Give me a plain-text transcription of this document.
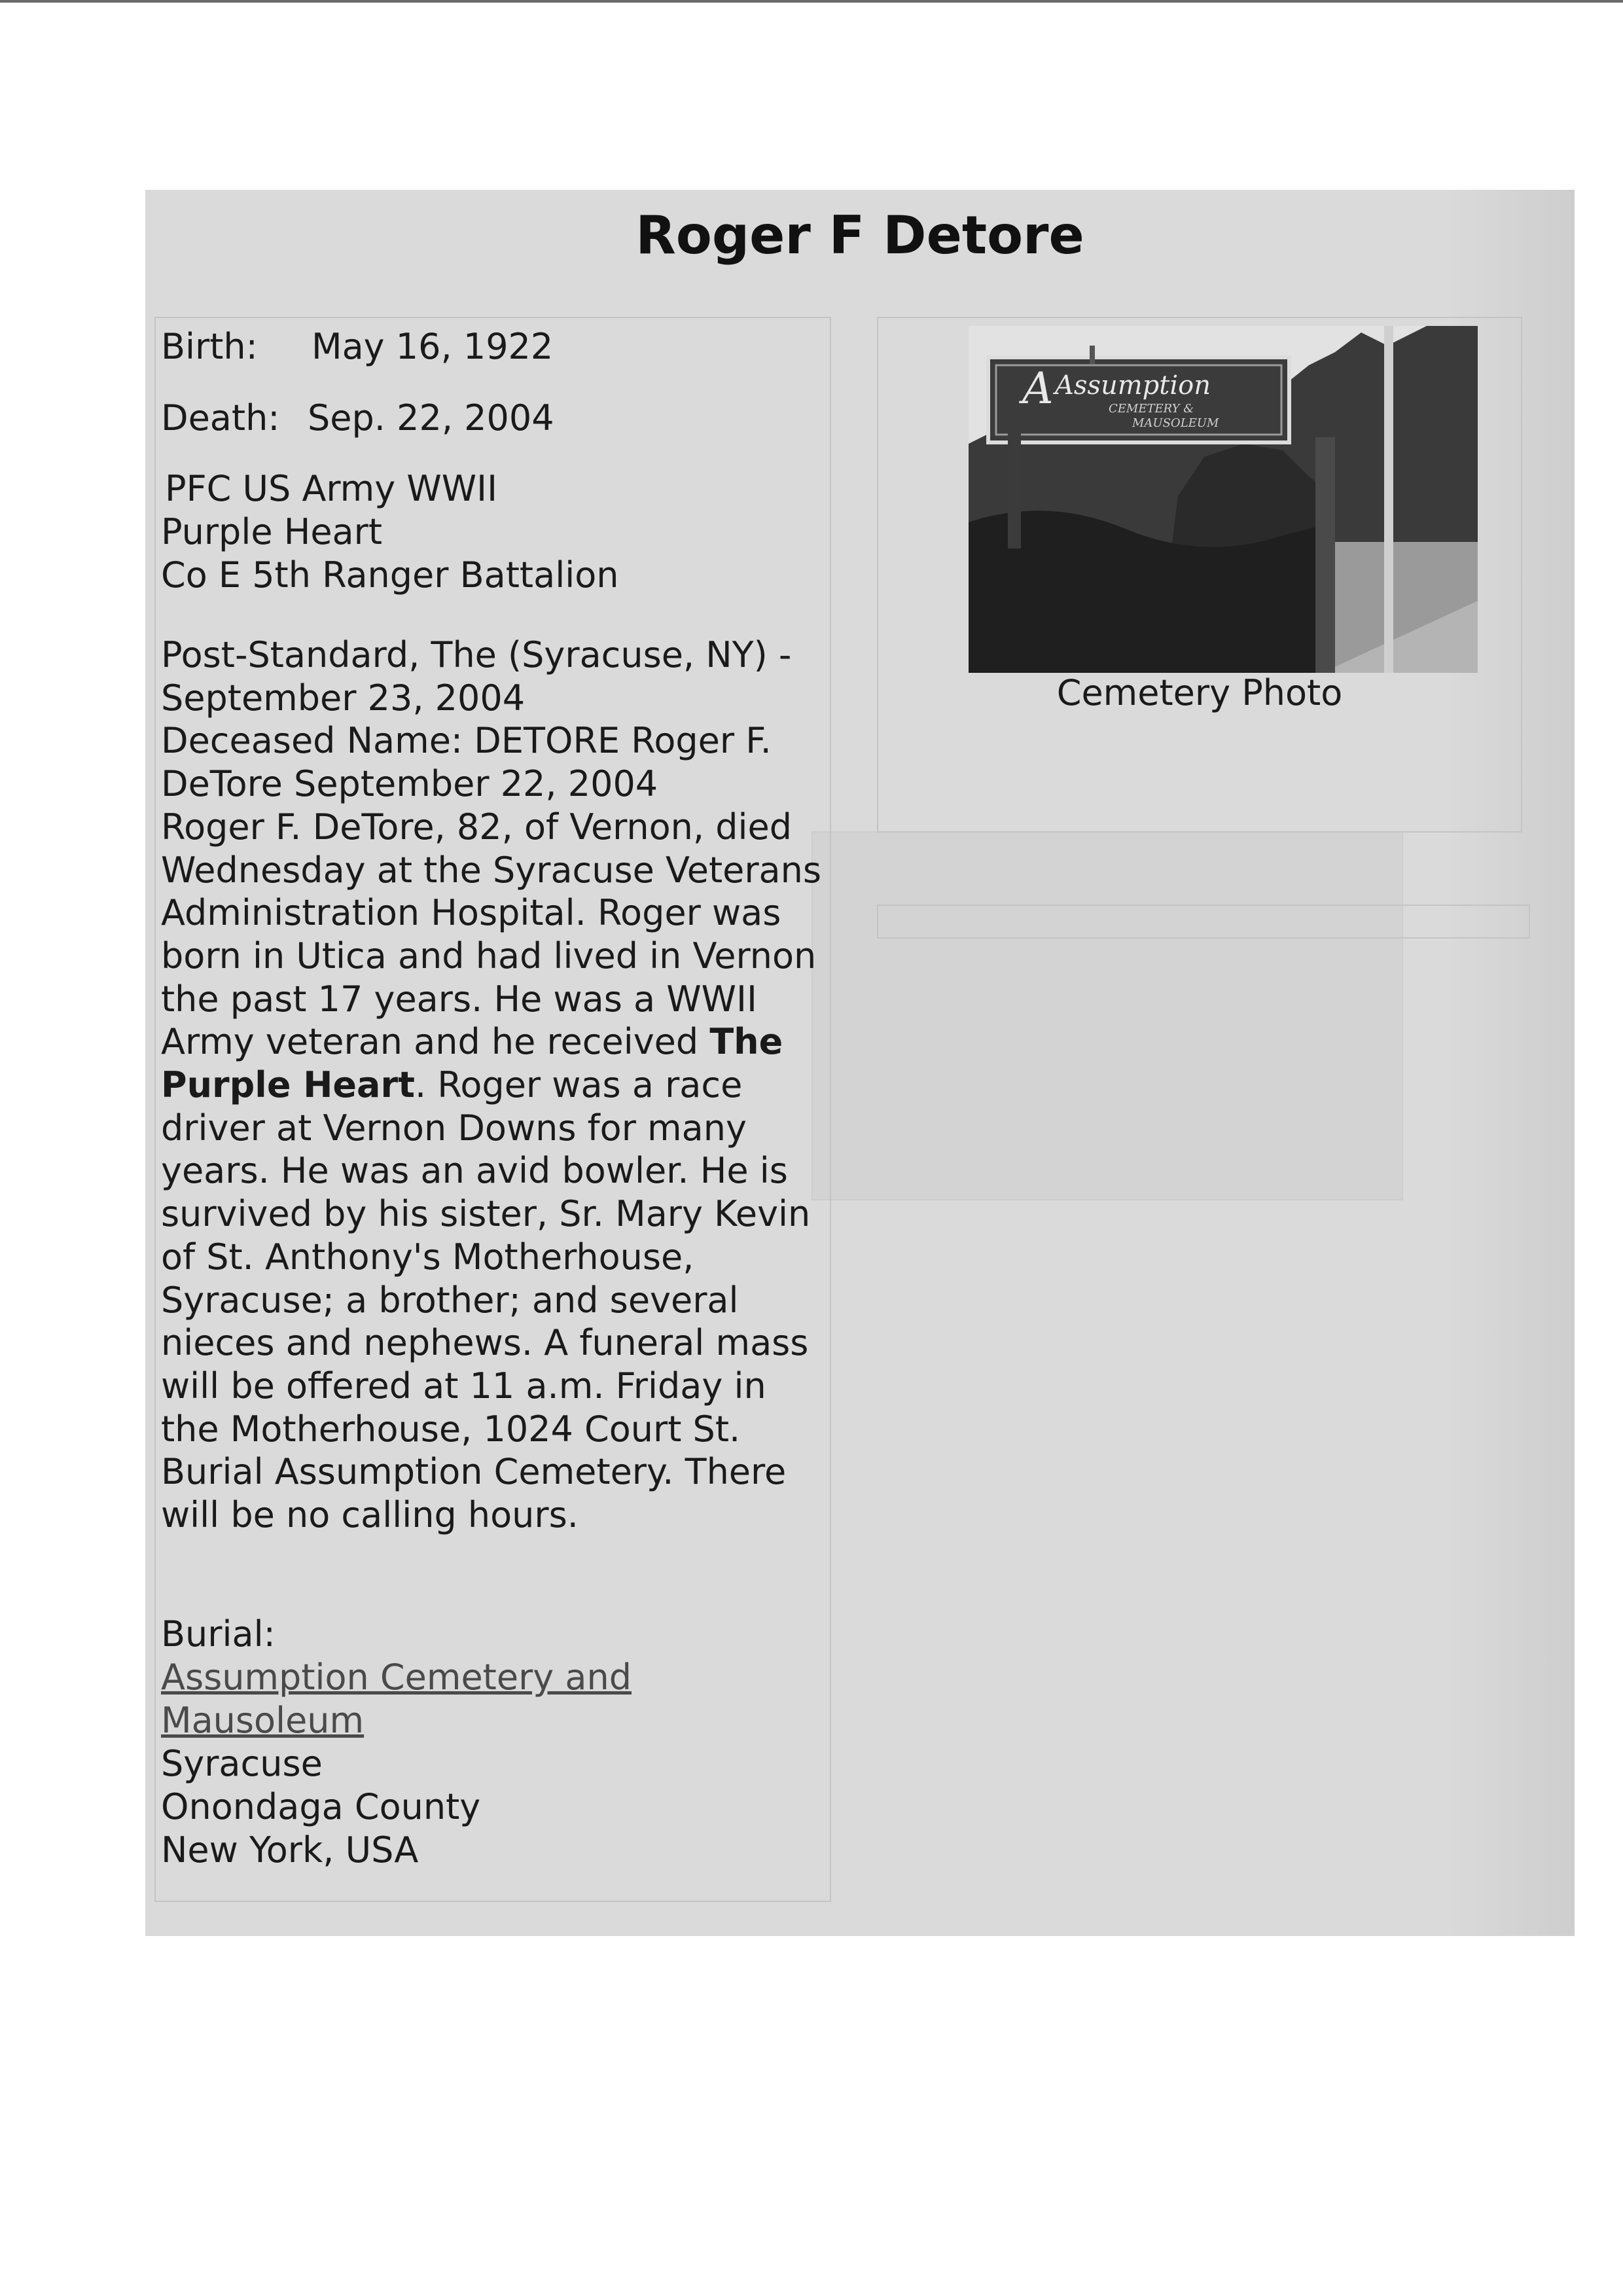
Roger F Detore
Birth: May 16, 1922
Death: Sep. 22, 2004
PFC US Army WWII
Purple Heart
Co E 5th Ranger Battalion

Post-Standard, The (Syracuse, NY) - September 23, 2004

Deceased Name: DETORE Roger F. DeTore September 22, 2004

Roger F. DeTore, 82, of Vernon, died Wednesday at the Syracuse Veterans Administration Hospital. Roger was born in Utica and had lived in Vernon the past 17 years. He was a WWII Army veteran and he received The Purple Heart. Roger was a race driver at Vernon Downs for many years. He was an avid bowler. He is survived by his sister, Sr. Mary Kevin of St. Anthony's Motherhouse, Syracuse; a brother; and several nieces and nephews. A funeral mass will be offered at 11 a.m. Friday in the Motherhouse, 1024 Court St. Burial Assumption Cemetery. There will be no calling hours.

Burial:
Assumption Cemetery and
Mausoleum
Syracuse
Onondaga County
New York, USA
A Assumption
CEMETERY &
MAUSOLEUM
Cemetery Photo
